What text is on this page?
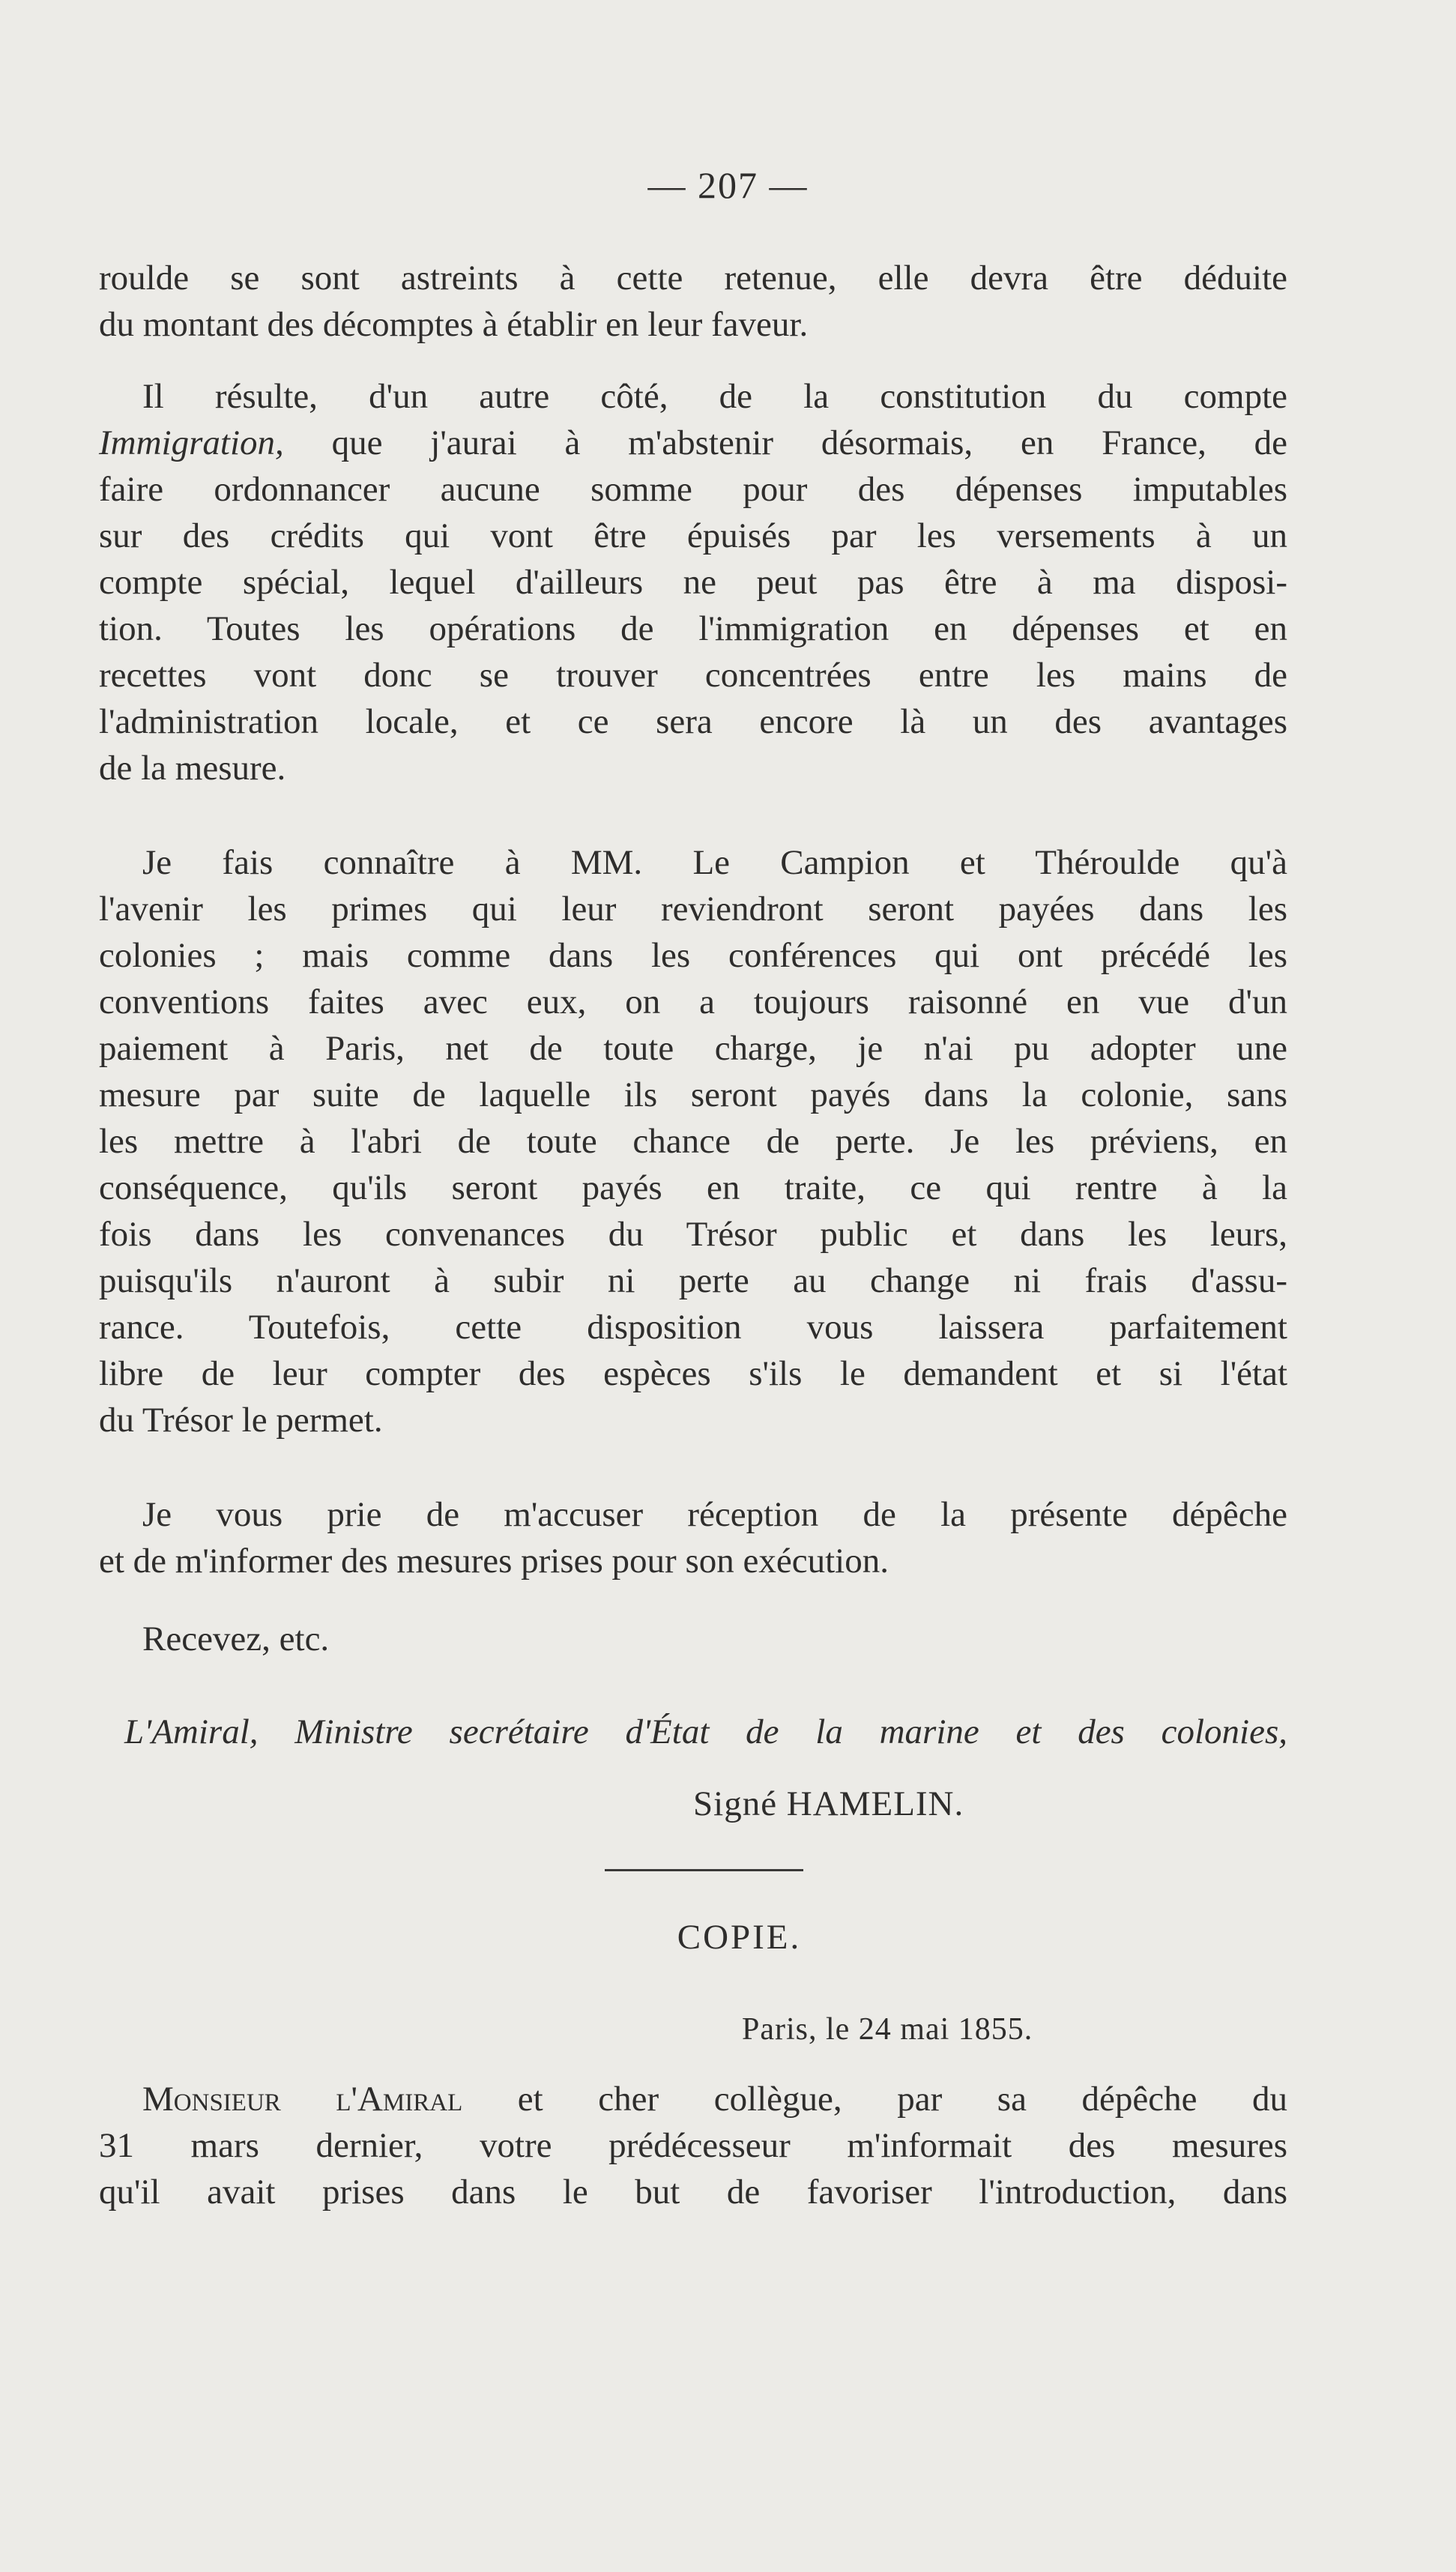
— 207 —
roulde se sont astreints à cette retenue, elle devra être déduite
du montant des décomptes à établir en leur faveur.
Il résulte, d'un autre côté, de la constitution du compte
Immigration, que j'aurai à m'abstenir désormais, en France, de
faire ordonnancer aucune somme pour des dépenses imputables
sur des crédits qui vont être épuisés par les versements à un
compte spécial, lequel d'ailleurs ne peut pas être à ma disposi-
tion. Toutes les opérations de l'immigration en dépenses et en
recettes vont donc se trouver concentrées entre les mains de
l'administration locale, et ce sera encore là un des avantages
de la mesure.
Je fais connaître à MM. Le Campion et Théroulde qu'à
l'avenir les primes qui leur reviendront seront payées dans les
colonies ; mais comme dans les conférences qui ont précédé les
conventions faites avec eux, on a toujours raisonné en vue d'un
paiement à Paris, net de toute charge, je n'ai pu adopter une
mesure par suite de laquelle ils seront payés dans la colonie, sans
les mettre à l'abri de toute chance de perte. Je les préviens, en
conséquence, qu'ils seront payés en traite, ce qui rentre à la
fois dans les convenances du Trésor public et dans les leurs,
puisqu'ils n'auront à subir ni perte au change ni frais d'assu-
rance. Toutefois, cette disposition vous laissera parfaitement
libre de leur compter des espèces s'ils le demandent et si l'état
du Trésor le permet.
Je vous prie de m'accuser réception de la présente dépêche
et de m'informer des mesures prises pour son exécution.
Recevez, etc.
L'Amiral, Ministre secrétaire d'État de la marine et des colonies,
Signé HAMELIN.
COPIE.
Paris, le 24 mai 1855.
Monsieur l'Amiral et cher collègue, par sa dépêche du
31 mars dernier, votre prédécesseur m'informait des mesures
qu'il avait prises dans le but de favoriser l'introduction, dans
